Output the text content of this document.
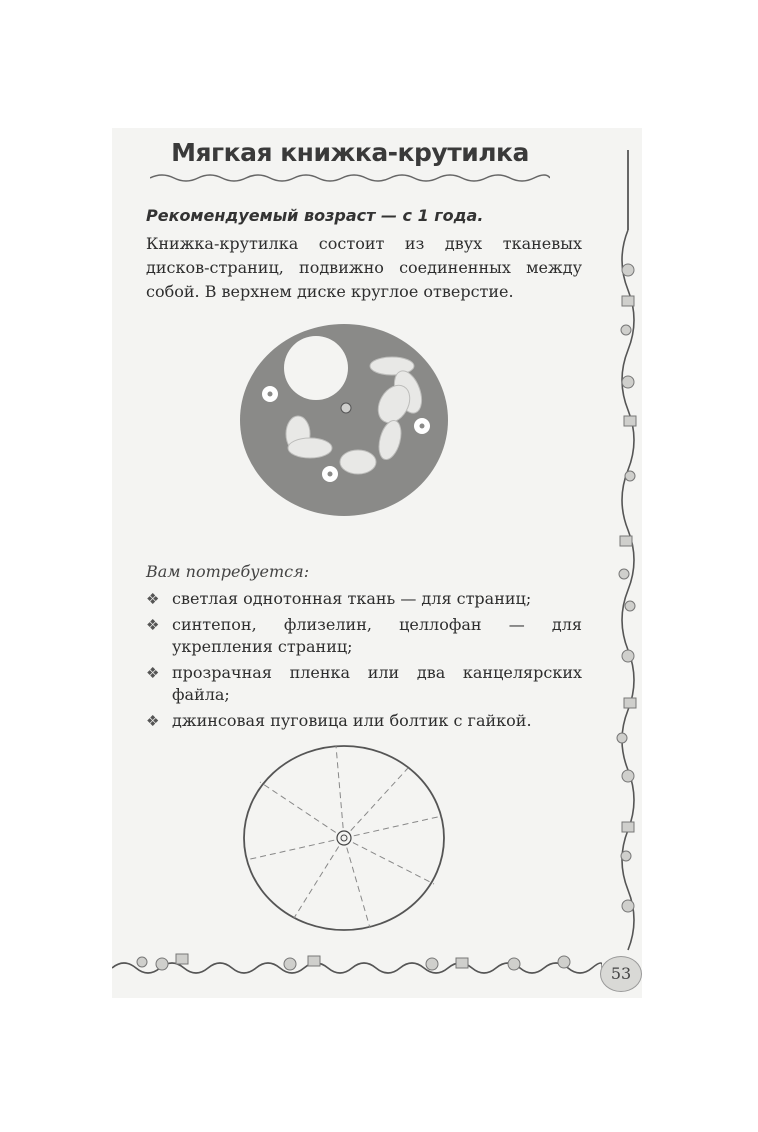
Мягкая книжка-крутилка
Рекомендуемый возраст — с 1 года.
Книжка-крутилка состоит из двух тканевых дисков-страниц, подвижно соединенных между собой. В верхнем диске круглое отверстие.
Вам потребуется:
❖ светлая однотонная ткань — для страниц;
❖ синтепон, флизелин, целлофан — для укрепления страниц;
❖ прозрачная пленка или два канцелярских файла;
❖ джинсовая пуговица или болтик с гайкой.
53
